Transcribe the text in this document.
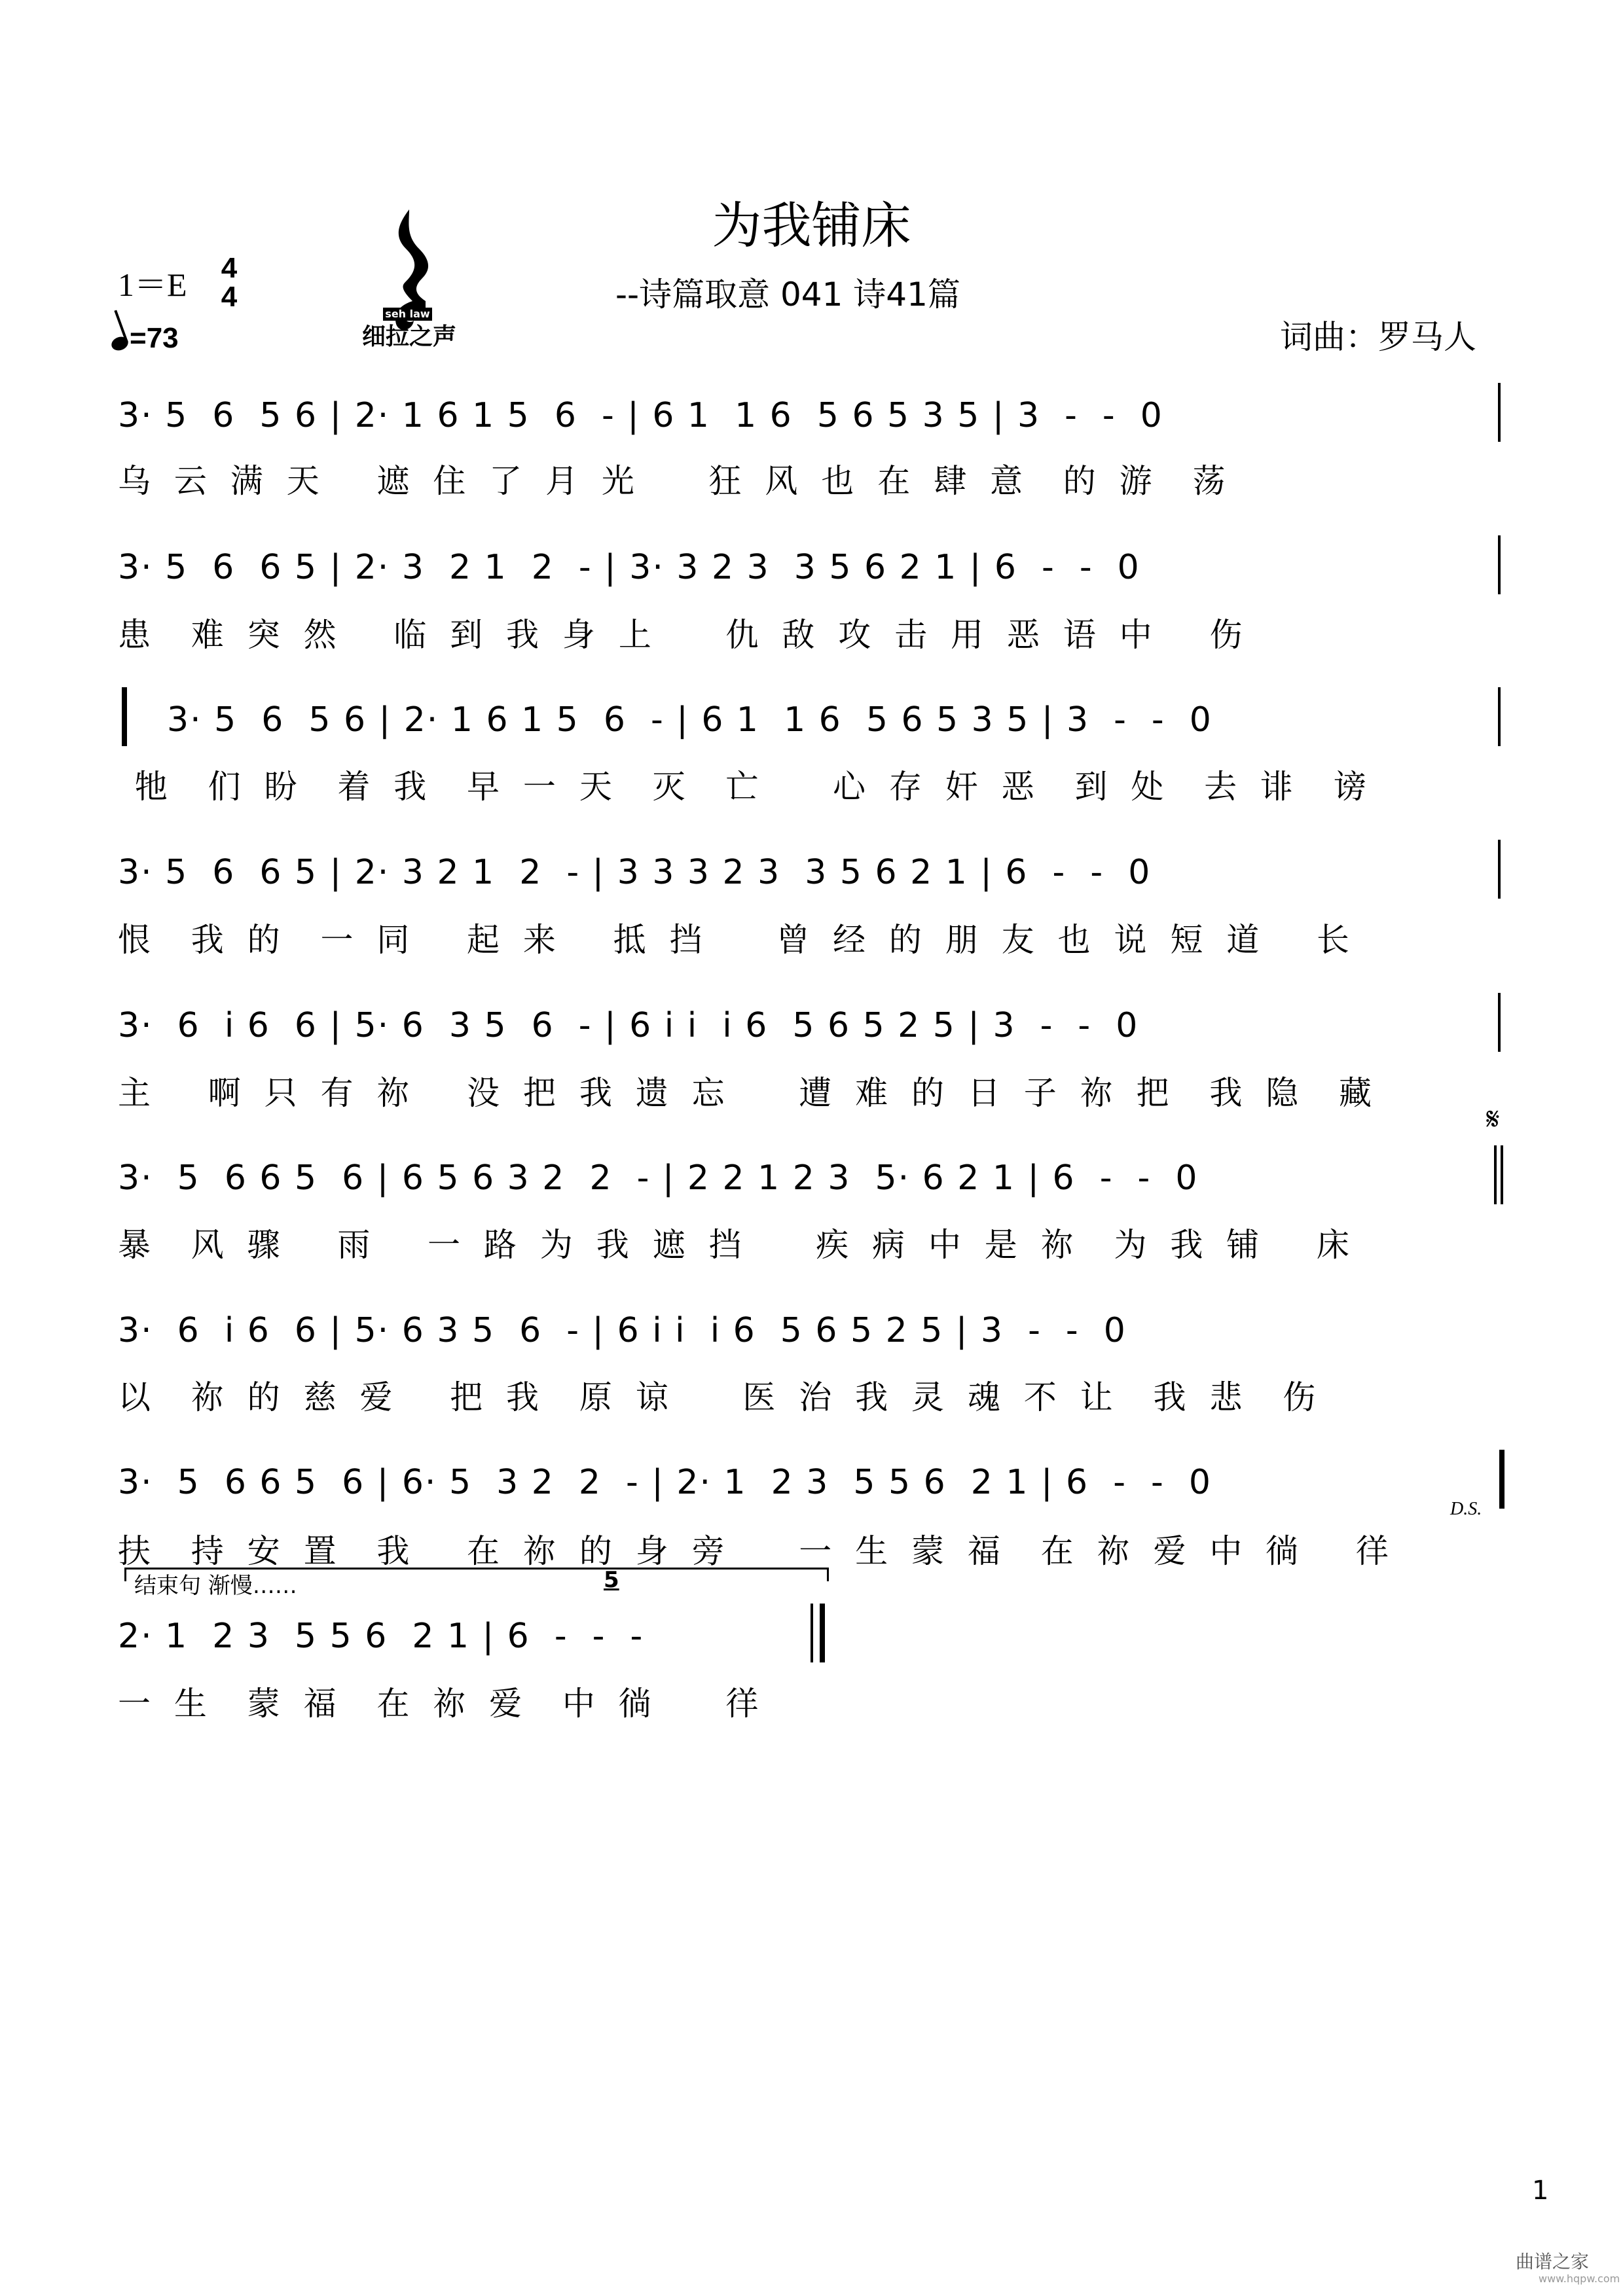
为我铺床
--诗篇取意 041 诗41篇
词曲：罗马人
1＝E 4
4
=73
seh law
细拉之声
3· 5  6  5 6 | 2· 1 6 1 5  6  - | 6 1  1 6  5 6 5 3 5 | 3  -  -  0
乌 云 满 天   遮 住 了 月 光    狂 风 也 在 肆 意  的 游  荡
3· 5  6  6 5 | 2· 3  2 1  2  - | 3· 3 2 3  3 5 6 2 1 | 6  -  -  0
患  难 突 然   临 到 我 身 上    仇 敌 攻 击 用 恶 语 中   伤
3· 5  6  5 6 | 2· 1 6 1 5  6  - | 6 1  1 6  5 6 5 3 5 | 3  -  -  0
牠  们 盼  着 我  早 一 天  灭  亡    心 存 奸 恶  到 处  去 诽  谤
3· 5  6  6 5 | 2· 3 2 1  2  - | 3 3 3 2 3  3 5 6 2 1 | 6  -  -  0
恨  我 的  一 同   起 来   抵 挡    曾 经 的 朋 友 也 说 短 道   长
3·  6  i 6  6 | 5· 6  3 5  6  - | 6 i i  i 6  5 6 5 2 5 | 3  -  -  0
主   啊 只 有 祢   没 把 我 遗 忘    遭 难 的 日 子 祢 把  我 隐  藏
3·  5  6 6 5  6 | 6 5 6 3 2  2  - | 2 2 1 2 3  5· 6 2 1 | 6  -  -  0
暴  风 骤   雨   一 路 为 我 遮 挡    疾 病 中 是 祢  为 我 铺   床
3·  6  i 6  6 | 5· 6 3 5  6  - | 6 i i  i 6  5 6 5 2 5 | 3  -  -  0
以  祢 的 慈 爱   把 我  原 谅    医 治 我 灵 魂 不 让  我 悲  伤
3·  5  6 6 5  6 | 6· 5  3 2  2  - | 2· 1  2 3  5 5 6  2 1 | 6  -  -  0
扶  持 安 置  我   在 祢 的 身 旁    一 生 蒙 福  在 祢 爱 中 徜   徉
结束句 渐慢……	5
2· 1  2 3  5 5 6  2 1 | 6  -  -  -
一 生  蒙 福  在 祢 爱  中 徜    徉
𝄋
D.S.
1
曲谱之家
www.hqpw.com
